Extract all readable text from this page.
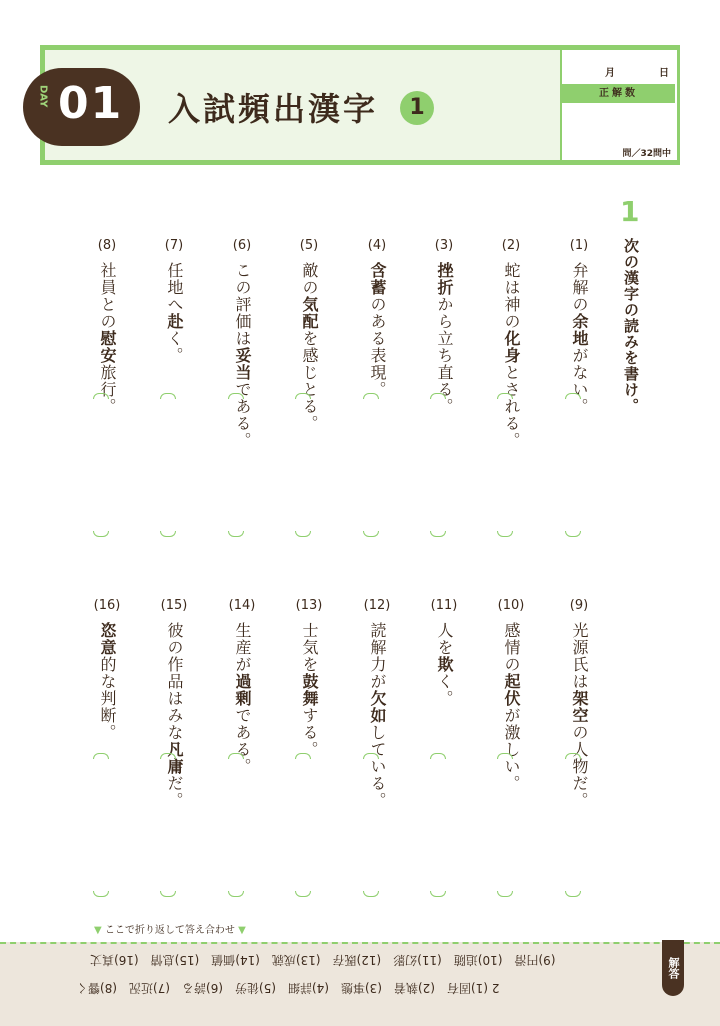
DAY 01 入試頻出漢字	1
月	日
正解数
問／32問中
1
次の漢字の読みを書け。
(1)
弁解の余地がない。
(2)
蛇は神の化身とされる。
(3)
挫折から立ち直る。
(4)
含蓄のある表現。
(5)
敵の気配を感じとる。
(6)
この評価は妥当である。
(7)
任地へ赴く。
(8)
社員との慰安旅行。
(9)
光源氏は架空の人物だ。
(10)
感情の起伏が激しい。
(11)
人を欺く。
(12)
読解力が欠如している。
(13)
士気を鼓舞する。
(14)
生産が過剰である。
(15)
彼の作品はみな凡庸だ。
(16)
恣意的な判断。
▼ ここで折り返して答え合わせ ▼
解答
2 (1)固有　(2)執着　(3)事態　(4)詳細　(5)徒労　(6)誇る　(7)近況　(8)響く
(9)円滑　(10)追随　(11)幻影　(12)既存　(13)成就　(14)価値　(15)息情　(16)真丈
